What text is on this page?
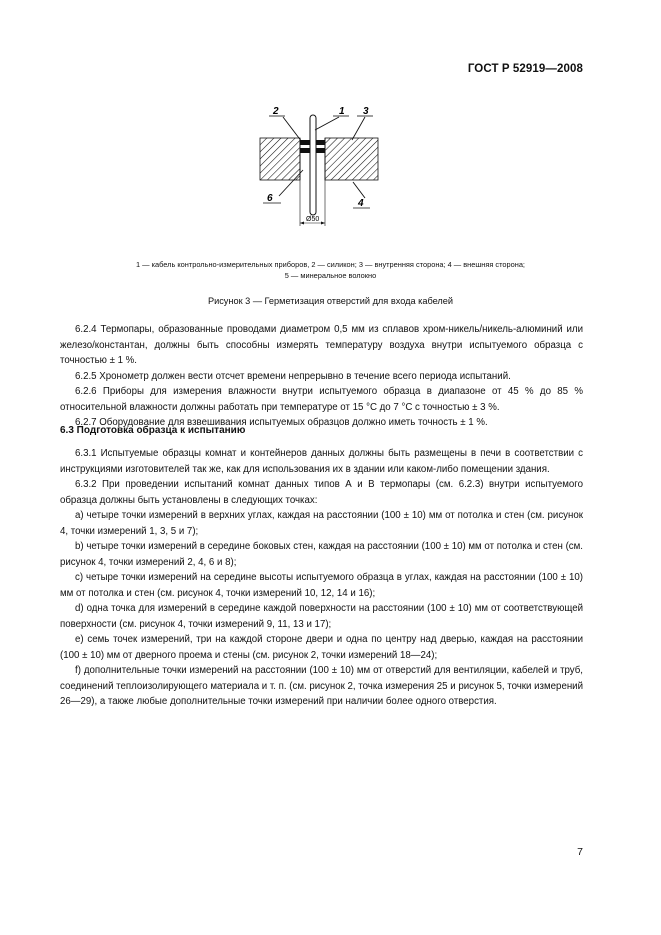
ГОСТ Р 52919—2008
2	1 3
6	4
Ø50
1 — кабель контрольно-измерительных приборов, 2 — силикон; 3 — внутренняя сторона; 4 — внешняя сторона;
5 — минеральное волокно
Рисунок 3 — Герметизация отверстий для входа кабелей

6.2.4 Термопары, образованные проводами диаметром 0,5 мм из сплавов хром-никель/никель-алюминий или железо/константан, должны быть способны измерять температуру воздуха внутри испытуемого образца с точностью ± 1 %.

6.2.5 Хронометр должен вести отсчет времени непрерывно в течение всего периода испытаний.

6.2.6 Приборы для измерения влажности внутри испытуемого образца в диапазоне от 45 % до 85 % относительной влажности должны работать при температуре от 15 °С до 7 °С с точностью ± 3 %.

6.2.7 Оборудование для взвешивания испытуемых образцов должно иметь точность ± 1 %.

6.3 Подготовка образца к испытанию

6.3.1 Испытуемые образцы комнат и контейнеров данных должны быть размещены в печи в соответствии с инструкциями изготовителей так же, как для использования их в здании или каком-либо помещении здания.

6.3.2 При проведении испытаний комнат данных типов А и В термопары (см. 6.2.3) внутри испытуемого образца должны быть установлены в следующих точках:

а) четыре точки измерений в верхних углах, каждая на расстоянии (100 ± 10) мм от потолка и стен (см. рисунок 4, точки измерений 1, 3, 5 и 7);

b) четыре точки измерений в середине боковых стен, каждая на расстоянии (100 ± 10) мм от потолка и стен (см. рисунок 4, точки измерений 2, 4, 6 и 8);

с) четыре точки измерений на середине высоты испытуемого образца в углах, каждая на расстоянии (100 ± 10) мм от потолка и стен (см. рисунок 4, точки измерений 10, 12, 14 и 16);

d) одна точка для измерений в середине каждой поверхности на расстоянии (100 ± 10) мм от соответствующей поверхности (см. рисунок 4, точки измерений 9, 11, 13 и 17);

е) семь точек измерений, три на каждой стороне двери и одна по центру над дверью, каждая на расстоянии (100 ± 10) мм от дверного проема и стены (см. рисунок 2, точки измерений 18—24);

f) дополнительные точки измерений на расстоянии (100 ± 10) мм от отверстий для вентиляции, кабелей и труб, соединений теплоизолирующего материала и т. п. (см. рисунок 2, точка измерения 25 и рисунок 5, точки измерений 26—29), а также любые дополнительные точки измерений при наличии более одного отверстия.

7
